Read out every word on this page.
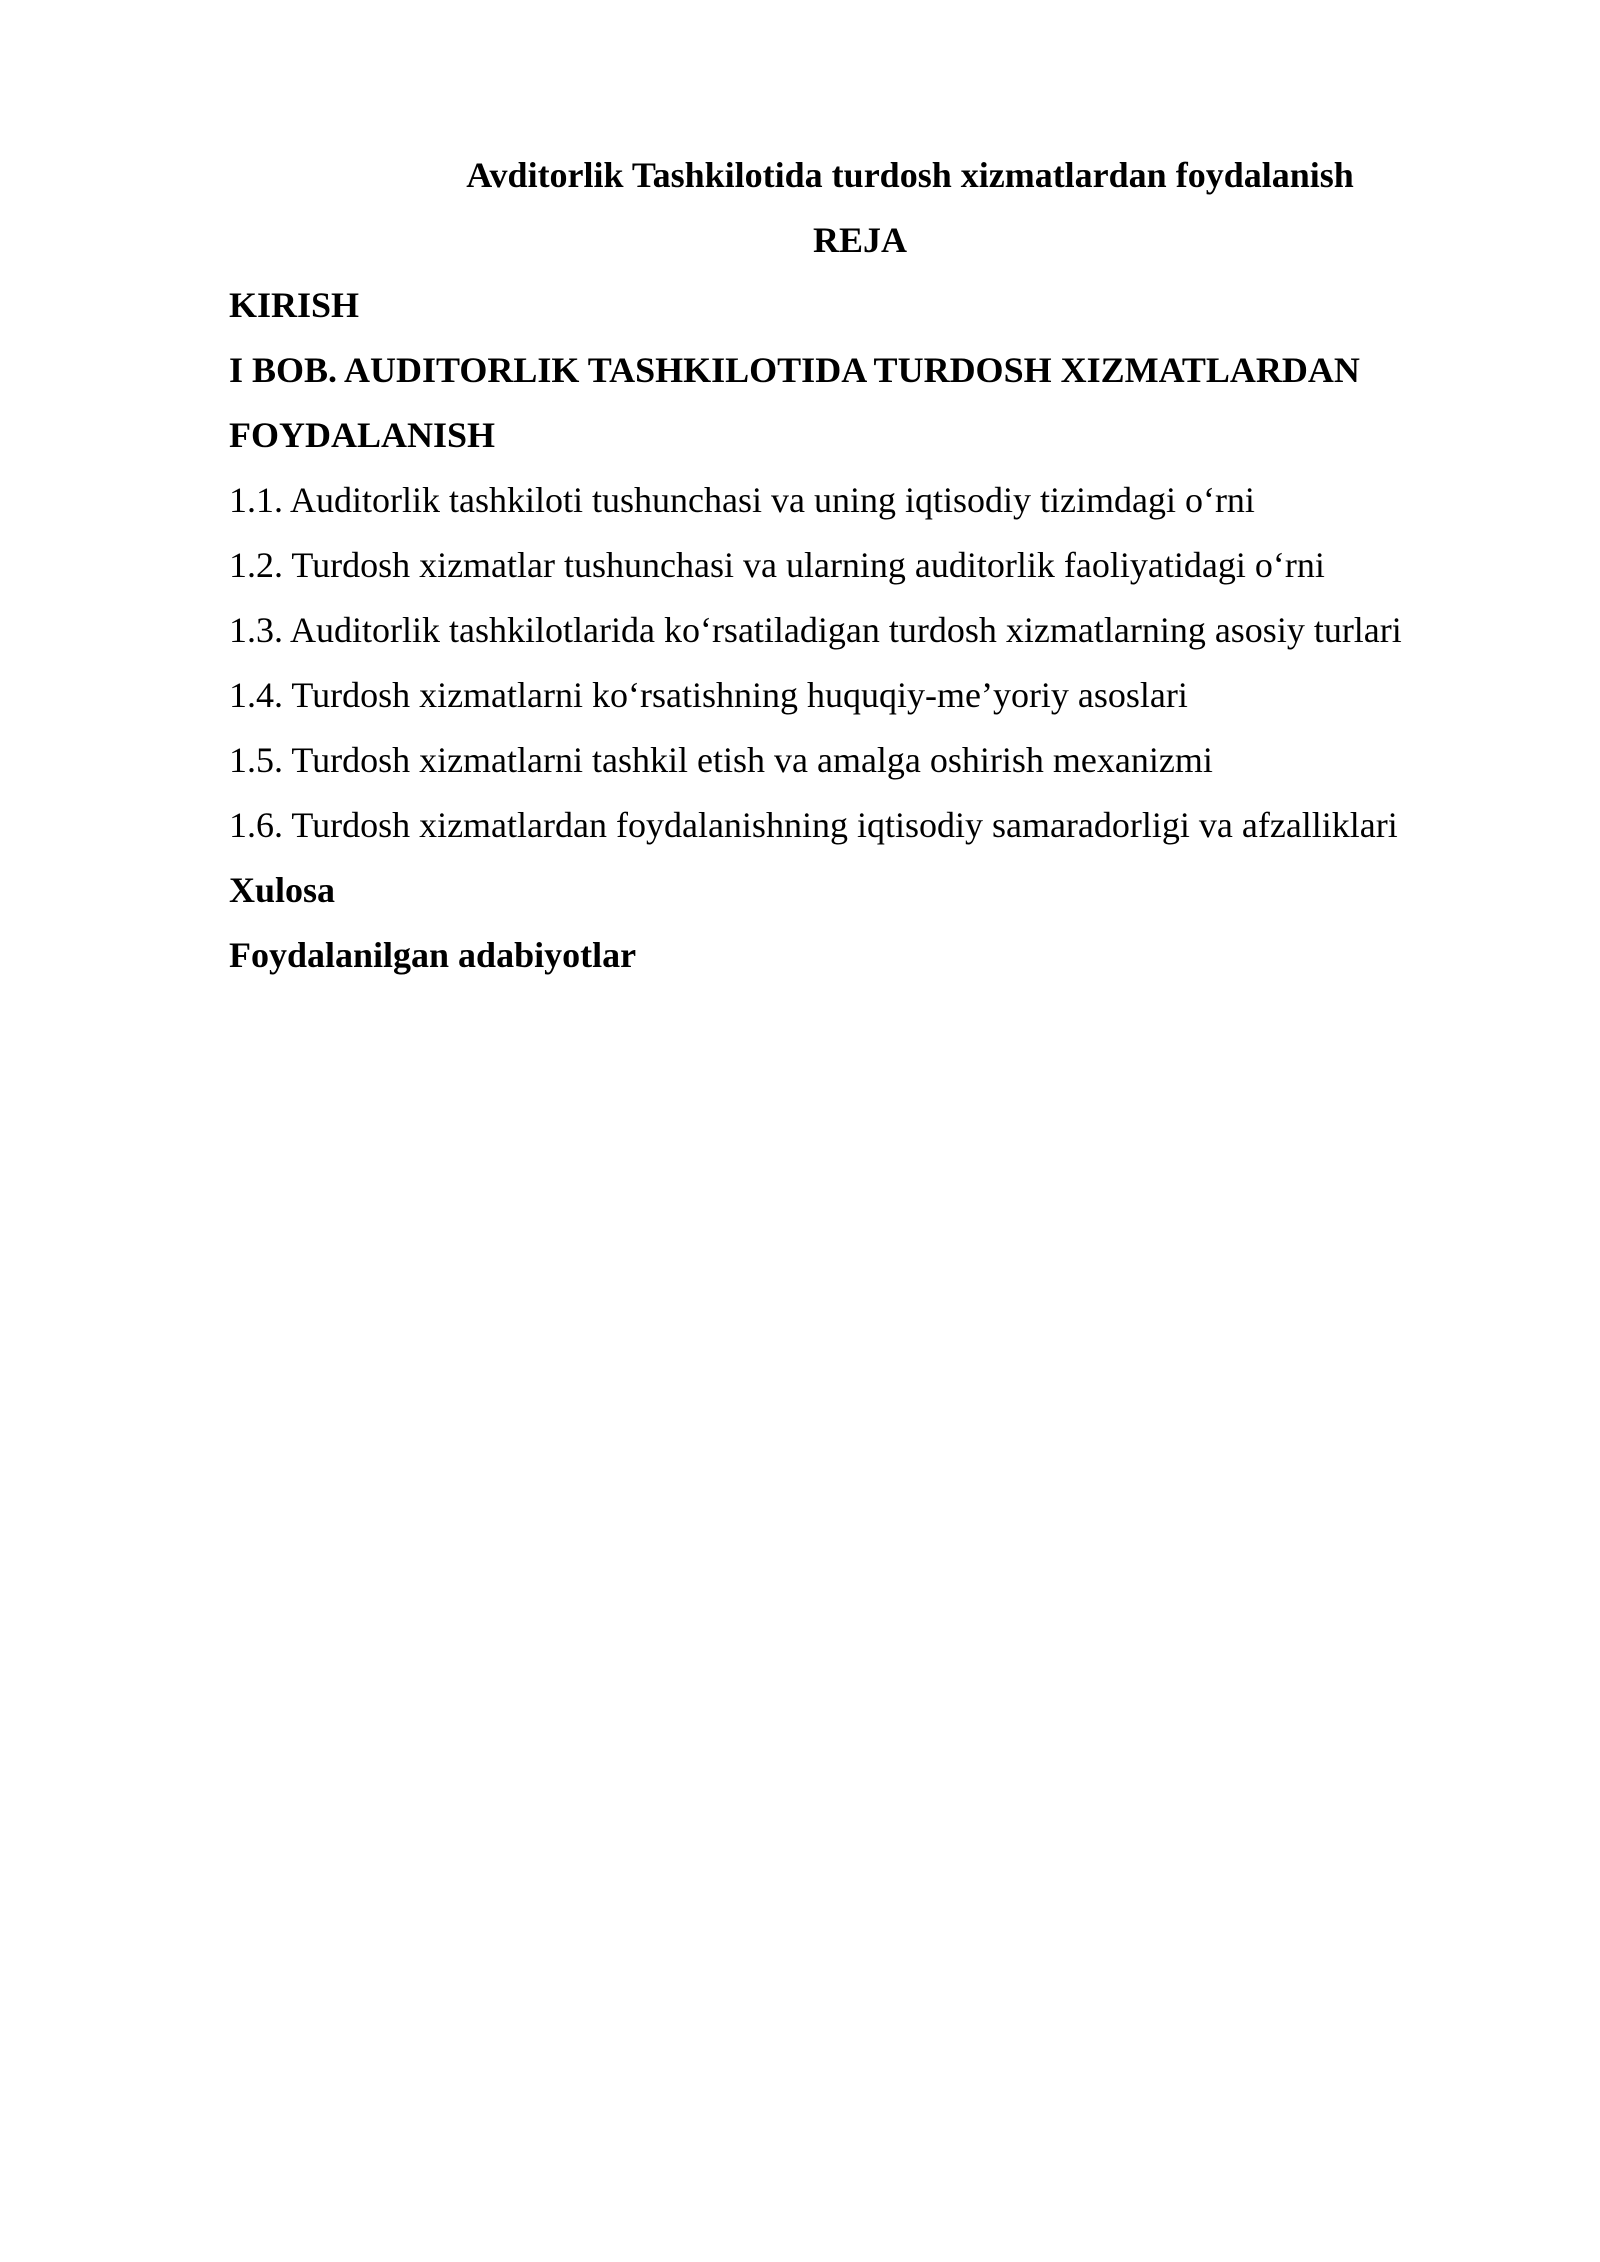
Avditorlik Tashkilotida turdosh xizmatlardan foydalanish
REJA
KIRISH
I BOB. AUDITORLIK TASHKILOTIDA TURDOSH XIZMATLARDAN
FOYDALANISH
1.1. Auditorlik tashkiloti tushunchasi va uning iqtisodiy tizimdagi o‘rni
1.2. Turdosh xizmatlar tushunchasi va ularning auditorlik faoliyatidagi o‘rni
1.3. Auditorlik tashkilotlarida ko‘rsatiladigan turdosh xizmatlarning asosiy turlari
1.4. Turdosh xizmatlarni ko‘rsatishning huquqiy-me’yoriy asoslari
1.5. Turdosh xizmatlarni tashkil etish va amalga oshirish mexanizmi
1.6. Turdosh xizmatlardan foydalanishning iqtisodiy samaradorligi va afzalliklari
Xulosa
Foydalanilgan adabiyotlar
